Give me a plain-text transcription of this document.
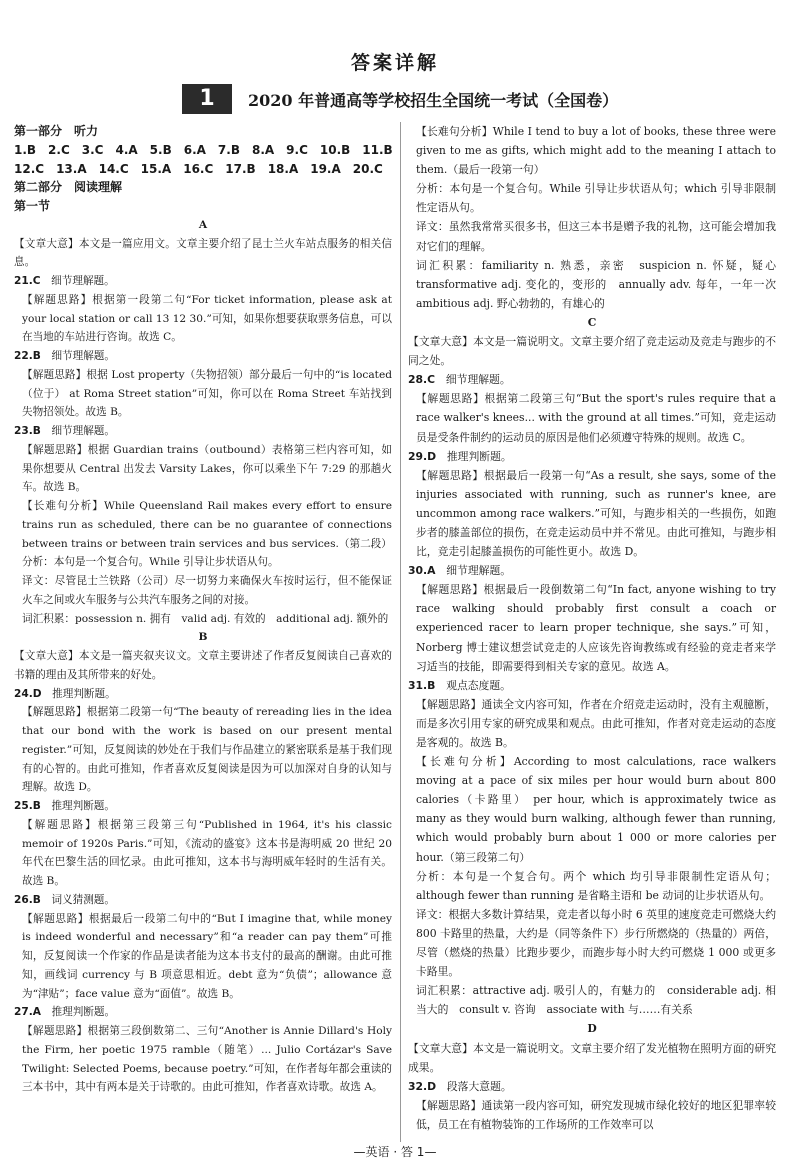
答案详解
1	2020 年普通高等学校招生全国统一考试（全国卷）

第一部分　听力

1.B　2.C　3.C　4.A　5.B　6.A　7.B　8.A　9.C　10.B　11.B

12.C　13.A　14.C　15.A　16.C　17.B　18.A　19.A　20.C

第二部分　阅读理解

第一节

A

【文章大意】本文是一篇应用文。文章主要介绍了昆士兰火车站点服务的相关信息。

21.C　 细节理解题。

【解题思路】根据第一段第二句“For ticket information, please ask at your local station or call 13 12 30.”可知，如果你想要获取票务信息，可以在当地的车站进行咨询。故选 C。

22.B　 细节理解题。

【解题思路】根据 Lost property（失物招领）部分最后一句中的“is located（位于） at Roma Street station”可知，你可以在 Roma Street 车站找到失物招领处。故选 B。

23.B　 细节理解题。

【解题思路】根据 Guardian trains（outbound）表格第三栏内容可知，如果你想要从 Central 出发去 Varsity Lakes，你可以乘坐下午 7:29 的那趟火车。故选 B。

【长难句分析】While Queensland Rail makes every effort to ensure trains run as scheduled, there can be no guarantee of connections between trains or between train services and bus services.（第二段）

分析：本句是一个复合句。While 引导让步状语从句。

译文：尽管昆士兰铁路（公司）尽一切努力来确保火车按时运行，但不能保证火车之间或火车服务与公共汽车服务之间的对接。

词汇积累：possession n. 拥有　valid adj. 有效的　additional adj. 额外的

B

【文章大意】本文是一篇夹叙夹议文。文章主要讲述了作者反复阅读自己喜欢的书籍的理由及其所带来的好处。

24.D　 推理判断题。

【解题思路】根据第二段第一句“The beauty of rereading lies in the idea that our bond with the work is based on our present mental register.”可知，反复阅读的妙处在于我们与作品建立的紧密联系是基于我们现有的心智的。由此可推知，作者喜欢反复阅读是因为可以加深对自身的认知与理解。故选 D。

25.B　 推理判断题。

【解题思路】根据第三段第三句“Published in 1964, it's his classic memoir of 1920s Paris.”可知，《流动的盛宴》这本书是海明威 20 世纪 20 年代在巴黎生活的回忆录。由此可推知，这本书与海明威年轻时的生活有关。故选 B。

26.B　 词义猜测题。

【解题思路】根据最后一段第二句中的“But I imagine that, while money is indeed wonderful and necessary”和“a reader can pay them”可推知，反复阅读一个作家的作品是读者能为这本书支付的最高的酬谢。由此可推知，画线词 currency 与 B 项意思相近。debt 意为“负债”；allowance 意为“津贴”；face value 意为“面值”。故选 B。

27.A　 推理判断题。

【解题思路】根据第三段倒数第二、三句“Another is Annie Dillard's Holy the Firm, her poetic 1975 ramble（随笔）... Julio Cortázar's Save Twilight: Selected Poems, because poetry.”可知，在作者每年都会重读的三本书中，其中有两本是关于诗歌的。由此可推知，作者喜欢诗歌。故选 A。

【长难句分析】While I tend to buy a lot of books, these three were given to me as gifts, which might add to the meaning I attach to them.（最后一段第一句）

分析：本句是一个复合句。While 引导让步状语从句；which 引导非限制性定语从句。

译文：虽然我常常买很多书，但这三本书是赠予我的礼物，这可能会增加我对它们的理解。

词汇积累：familiarity n. 熟悉，亲密　suspicion n. 怀疑，疑心　transformative adj. 变化的，变形的　annually adv. 每年，一年一次　ambitious adj. 野心勃勃的，有雄心的

C

【文章大意】本文是一篇说明文。文章主要介绍了竞走运动及竞走与跑步的不同之处。

28.C　 细节理解题。

【解题思路】根据第二段第三句“But the sport's rules require that a race walker's knees... with the ground at all times.”可知，竞走运动员是受条件制约的运动员的原因是他们必须遵守特殊的规则。故选 C。

29.D　 推理判断题。

【解题思路】根据最后一段第一句“As a result, she says, some of the injuries associated with running, such as runner's knee, are uncommon among race walkers.”可知，与跑步相关的一些损伤，如跑步者的膝盖部位的损伤，在竞走运动员中并不常见。由此可推知，与跑步相比，竞走引起膝盖损伤的可能性更小。故选 D。

30.A　 细节理解题。

【解题思路】根据最后一段倒数第二句“In fact, anyone wishing to try race walking should probably first consult a coach or experienced racer to learn proper technique, she says.”可知，Norberg 博士建议想尝试竞走的人应该先咨询教练或有经验的竞走者来学习适当的技能，即需要得到相关专家的意见。故选 A。

31.B　 观点态度题。

【解题思路】通读全文内容可知，作者在介绍竞走运动时，没有主观臆断，而是多次引用专家的研究成果和观点。由此可推知，作者对竞走运动的态度是客观的。故选 B。

【长难句分析】According to most calculations, race walkers moving at a pace of six miles per hour would burn about 800 calories（卡路里） per hour, which is approximately twice as many as they would burn walking, although fewer than running, which would probably burn about 1 000 or more calories per hour.（第三段第二句）

分析：本句是一个复合句。两个 which 均引导非限制性定语从句；although fewer than running 是省略主语和 be 动词的让步状语从句。

译文：根据大多数计算结果，竞走者以每小时 6 英里的速度竞走可燃烧大约 800 卡路里的热量，大约是（同等条件下）步行所燃烧的（热量的）两倍，尽管（燃烧的热量）比跑步要少，而跑步每小时大约可燃烧 1 000 或更多卡路里。

词汇积累：attractive adj. 吸引人的，有魅力的　considerable adj. 相当大的　consult v. 咨询　associate with 与……有关系

D

【文章大意】本文是一篇说明文。文章主要介绍了发光植物在照明方面的研究成果。

32.D　 段落大意题。

【解题思路】通读第一段内容可知，研究发现城市绿化较好的地区犯罪率较低，员工在有植物装饰的工作场所的工作效率可以

—英语 · 答 1—
